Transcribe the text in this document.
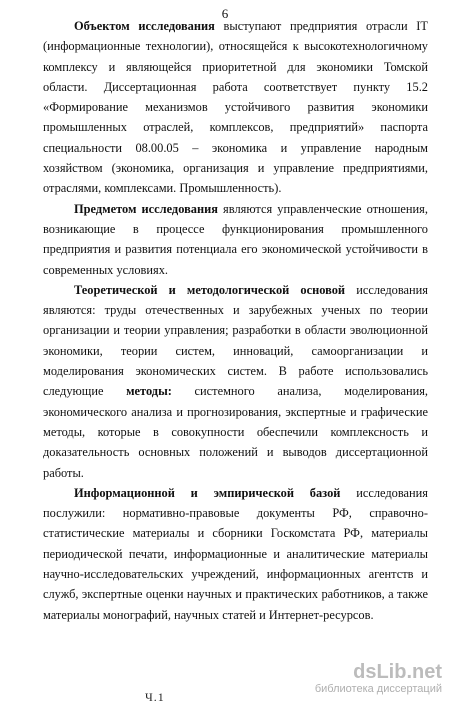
6

Объектом исследования выступают предприятия отрасли IT (информационные технологии), относящейся к высокотехнологичному комплексу и являющейся приоритетной для экономики Томской области. Диссертационная работа соответствует пункту 15.2 «Формирование механизмов устойчивого развития экономики промышленных отраслей, комплексов, предприятий» паспорта специальности 08.00.05 – экономика и управление народным хозяйством (экономика, организация и управление предприятиями, отраслями, комплексами. Промышленность).

Предметом исследования являются управленческие отношения, возникающие в процессе функционирования промышленного предприятия и развития потенциала его экономической устойчивости в современных условиях.

Теоретической и методологической основой исследования являются: труды отечественных и зарубежных ученых по теории организации и теории управления; разработки в области эволюционной экономики, теории систем, инноваций, самоорганизации и моделирования экономических систем. В работе использовались следующие методы: системного анализа, моделирования, экономического анализа и прогнозирования, экспертные и графические методы, которые в совокупности обеспечили комплексность и доказательность основных положений и выводов диссертационной работы.

Информационной и эмпирической базой исследования послужили: нормативно-правовые документы РФ, справочно-статистические материалы и сборники Госкомстата РФ, материалы периодической печати, информационные и аналитические материалы научно-исследовательских учреждений, информационных агентств и служб, экспертные оценки научных и практических работников, а также материалы монографий, научных статей и Интернет-ресурсов.

Ч.1
dsLib.net
библиотека диссертаций
